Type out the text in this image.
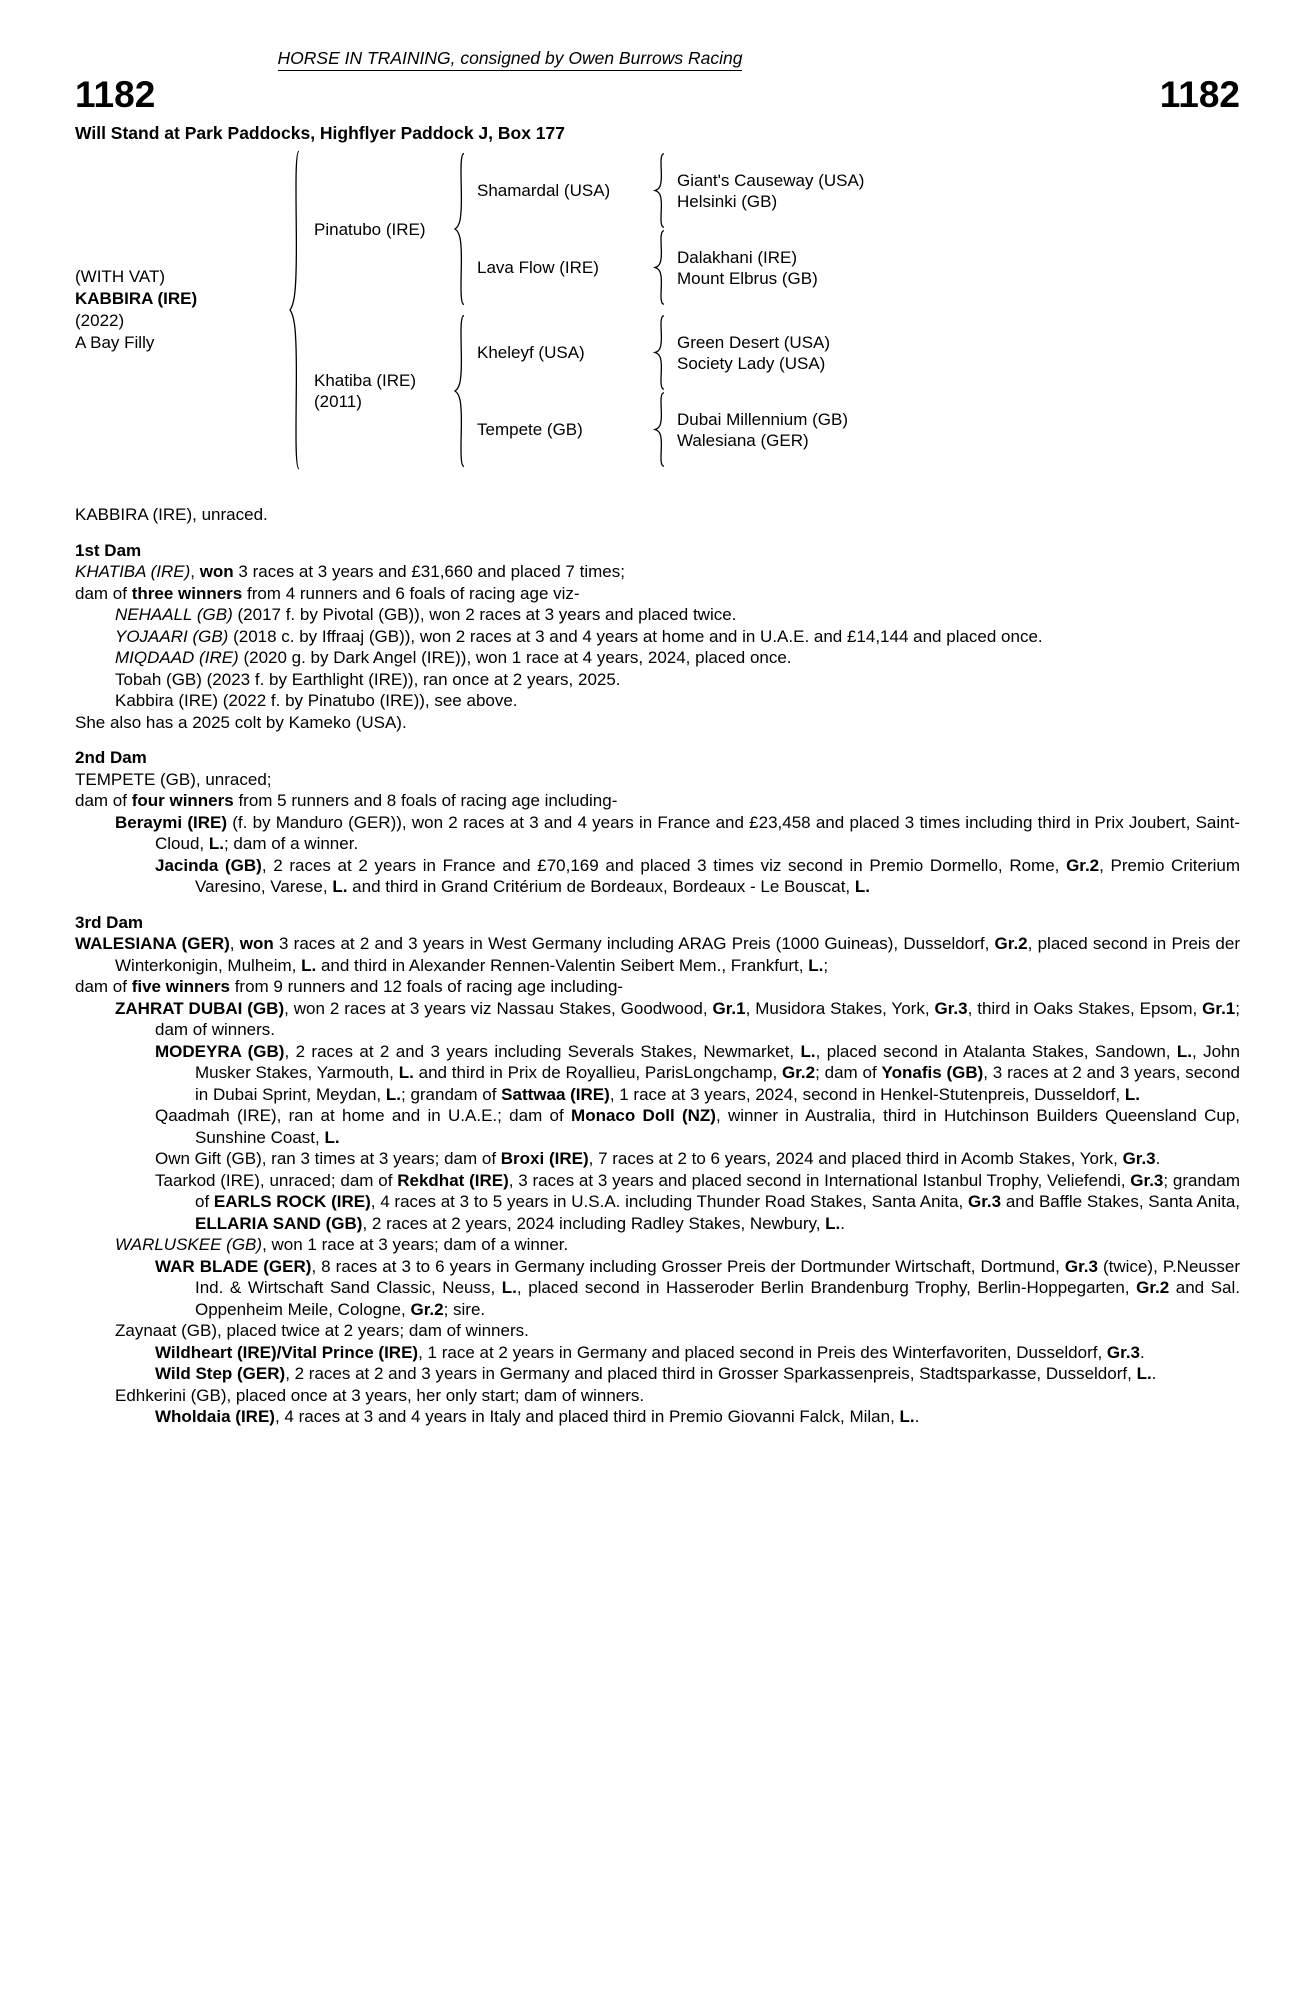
HORSE IN TRAINING, consigned by Owen Burrows Racing
1182	1182
Will Stand at Park Paddocks, Highflyer Paddock J, Box 177
(WITH VAT)
KABBIRA (IRE)
(2022)
A Bay Filly
Pinatubo (IRE)
Shamardal (USA)
Giant's Causeway (USA)
Helsinki (GB)
Lava Flow (IRE)
Dalakhani (IRE)
Mount Elbrus (GB)
Khatiba (IRE)
(2011)
Kheleyf (USA)
Green Desert (USA)
Society Lady (USA)
Tempete (GB)
Dubai Millennium (GB)
Walesiana (GER)
KABBIRA (IRE), unraced.
1st Dam
KHATIBA (IRE), won 3 races at 3 years and £31,660 and placed 7 times;
dam of three winners from 4 runners and 6 foals of racing age viz-
NEHAALL (GB) (2017 f. by Pivotal (GB)), won 2 races at 3 years and placed twice.
YOJAARI (GB) (2018 c. by Iffraaj (GB)), won 2 races at 3 and 4 years at home and in U.A.E. and £14,144 and placed once.
MIQDAAD (IRE) (2020 g. by Dark Angel (IRE)), won 1 race at 4 years, 2024, placed once.
Tobah (GB) (2023 f. by Earthlight (IRE)), ran once at 2 years, 2025.
Kabbira (IRE) (2022 f. by Pinatubo (IRE)), see above.
She also has a 2025 colt by Kameko (USA).
2nd Dam
TEMPETE (GB), unraced;
dam of four winners from 5 runners and 8 foals of racing age including-
Beraymi (IRE) (f. by Manduro (GER)), won 2 races at 3 and 4 years in France and £23,458 and placed 3 times including third in Prix Joubert, Saint-Cloud, L.; dam of a winner.
Jacinda (GB), 2 races at 2 years in France and £70,169 and placed 3 times viz second in Premio Dormello, Rome, Gr.2, Premio Criterium Varesino, Varese, L. and third in Grand Critérium de Bordeaux, Bordeaux - Le Bouscat, L.
3rd Dam
WALESIANA (GER), won 3 races at 2 and 3 years in West Germany including ARAG Preis (1000 Guineas), Dusseldorf, Gr.2, placed second in Preis der Winterkonigin, Mulheim, L. and third in Alexander Rennen-Valentin Seibert Mem., Frankfurt, L.;
dam of five winners from 9 runners and 12 foals of racing age including-
ZAHRAT DUBAI (GB), won 2 races at 3 years viz Nassau Stakes, Goodwood, Gr.1, Musidora Stakes, York, Gr.3, third in Oaks Stakes, Epsom, Gr.1; dam of winners.
MODEYRA (GB), 2 races at 2 and 3 years including Severals Stakes, Newmarket, L., placed second in Atalanta Stakes, Sandown, L., John Musker Stakes, Yarmouth, L. and third in Prix de Royallieu, ParisLongchamp, Gr.2; dam of Yonafis (GB), 3 races at 2 and 3 years, second in Dubai Sprint, Meydan, L.; grandam of Sattwaa (IRE), 1 race at 3 years, 2024, second in Henkel-Stutenpreis, Dusseldorf, L.
Qaadmah (IRE), ran at home and in U.A.E.; dam of Monaco Doll (NZ), winner in Australia, third in Hutchinson Builders Queensland Cup, Sunshine Coast, L.
Own Gift (GB), ran 3 times at 3 years; dam of Broxi (IRE), 7 races at 2 to 6 years, 2024 and placed third in Acomb Stakes, York, Gr.3.
Taarkod (IRE), unraced; dam of Rekdhat (IRE), 3 races at 3 years and placed second in International Istanbul Trophy, Veliefendi, Gr.3; grandam of EARLS ROCK (IRE), 4 races at 3 to 5 years in U.S.A. including Thunder Road Stakes, Santa Anita, Gr.3 and Baffle Stakes, Santa Anita, ELLARIA SAND (GB), 2 races at 2 years, 2024 including Radley Stakes, Newbury, L..
WARLUSKEE (GB), won 1 race at 3 years; dam of a winner.
WAR BLADE (GER), 8 races at 3 to 6 years in Germany including Grosser Preis der Dortmunder Wirtschaft, Dortmund, Gr.3 (twice), P.Neusser Ind. & Wirtschaft Sand Classic, Neuss, L., placed second in Hasseroder Berlin Brandenburg Trophy, Berlin-Hoppegarten, Gr.2 and Sal. Oppenheim Meile, Cologne, Gr.2; sire.
Zaynaat (GB), placed twice at 2 years; dam of winners.
Wildheart (IRE)/Vital Prince (IRE), 1 race at 2 years in Germany and placed second in Preis des Winterfavoriten, Dusseldorf, Gr.3.
Wild Step (GER), 2 races at 2 and 3 years in Germany and placed third in Grosser Sparkassenpreis, Stadtsparkasse, Dusseldorf, L..
Edhkerini (GB), placed once at 3 years, her only start; dam of winners.
Wholdaia (IRE), 4 races at 3 and 4 years in Italy and placed third in Premio Giovanni Falck, Milan, L..
